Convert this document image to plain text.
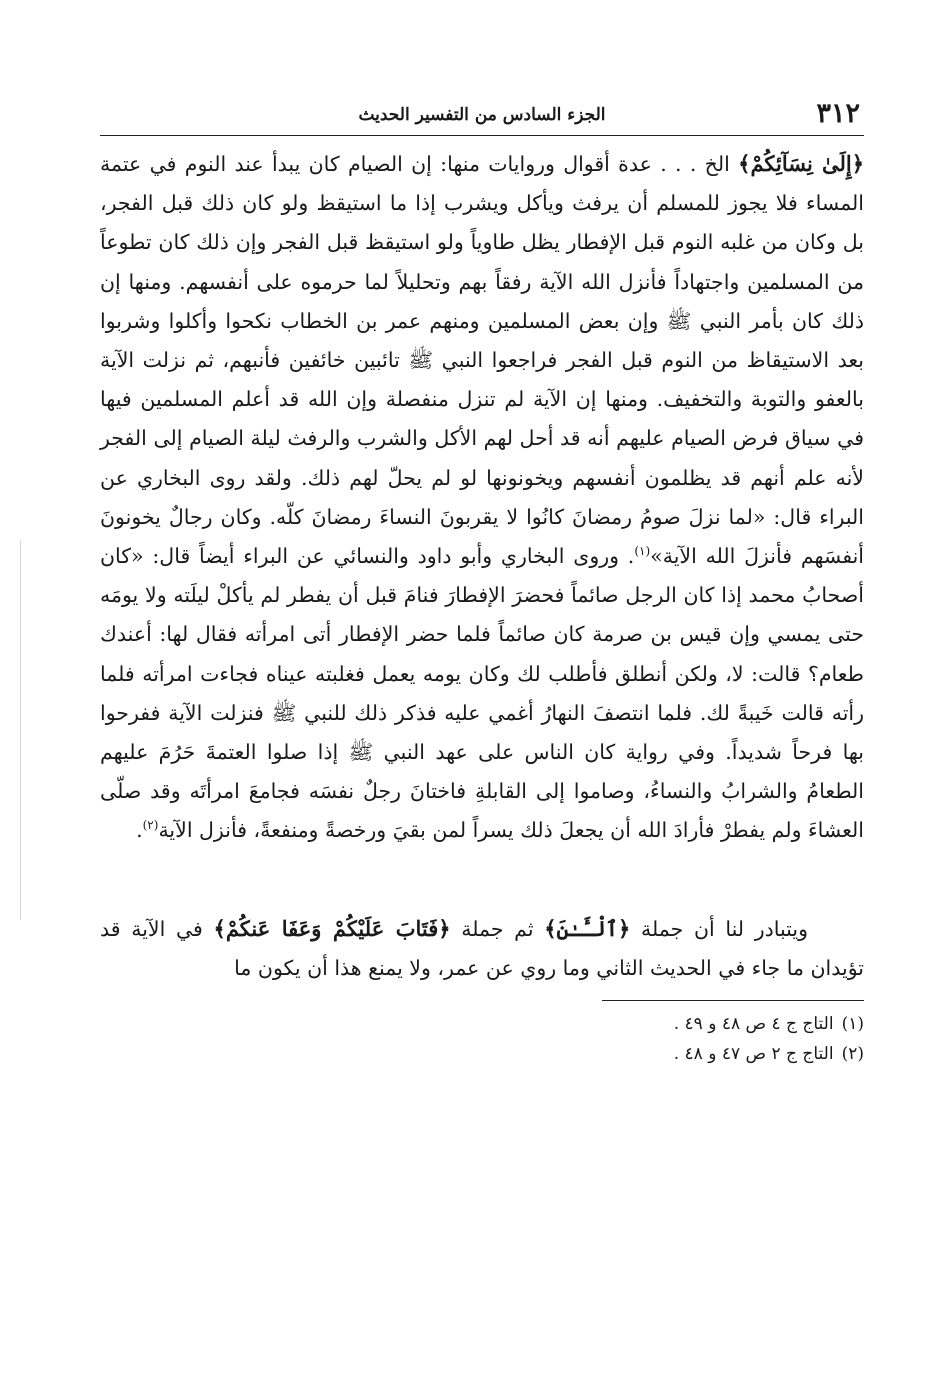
٣١٢
الجزء السادس من التفسير الحديث

﴿إِلَىٰ نِسَآئِكُمْ﴾ الخ . . . عدة أقوال وروايات منها: إن الصيام كان يبدأ عند النوم في عتمة المساء فلا يجوز للمسلم أن يرفث ويأكل ويشرب إذا ما استيقظ ولو كان ذلك قبل الفجر، بل وكان من غلبه النوم قبل الإفطار يظل طاوياً ولو استيقظ قبل الفجر وإن ذلك كان تطوعاً من المسلمين واجتهاداً فأنزل الله الآية رفقاً بهم وتحليلاً لما حرموه على أنفسهم. ومنها إن ذلك كان بأمر النبي ﷺ وإن بعض المسلمين ومنهم عمر بن الخطاب نكحوا وأكلوا وشربوا بعد الاستيقاظ من النوم قبل الفجر فراجعوا النبي ﷺ تائبين خائفين فأنبهم، ثم نزلت الآية بالعفو والتوبة والتخفيف. ومنها إن الآية لم تنزل منفصلة وإن الله قد أعلم المسلمين فيها في سياق فرض الصيام عليهم أنه قد أحل لهم الأكل والشرب والرفث ليلة الصيام إلى الفجر لأنه علم أنهم قد يظلمون أنفسهم ويخونونها لو لم يحلّ لهم ذلك. ولقد روى البخاري عن البراء قال: «لما نزلَ صومُ رمضانَ كانُوا لا يقربونَ النساءَ رمضانَ كلّه. وكان رجالٌ يخونونَ أنفسَهم فأنزلَ الله الآية»$^{(١)}$. وروى البخاري وأبو داود والنسائي عن البراء أيضاً قال: «كان أصحابُ محمد إذا كان الرجل صائماً فحضرَ الإفطارَ فنامَ قبل أن يفطر لم يأكلْ ليلَته ولا يومَه حتى يمسي وإن قيس بن صرمة كان صائماً فلما حضر الإفطار أتى امرأته فقال لها: أعندك طعام؟ قالت: لا، ولكن أنطلق فأطلب لك وكان يومه يعمل فغلبته عيناه فجاءت امرأته فلما رأته قالت خَيبةً لك. فلما انتصفَ النهارُ أغمي عليه فذكر ذلك للنبي ﷺ فنزلت الآية ففرحوا بها فرحاً شديداً. وفي رواية كان الناس على عهد النبي ﷺ إذا صلوا العتمةَ حَرُمَ عليهم الطعامُ والشرابُ والنساءُ، وصاموا إلى القابلةِ فاختانَ رجلٌ نفسَه فجامعَ امرأتَه وقد صلّى العشاءَ ولم يفطرْ فأرادَ الله أن يجعلَ ذلك يسراً لمن بقيَ ورخصةً ومنفعةً، فأنزل الآية$^{(٢)}$.

ويتبادر لنا أن جملة ﴿ٱلْـَٔـٰنَ﴾ ثم جملة ﴿فَتَابَ عَلَيْكُمْ وَعَفَا عَنكُمْ﴾ في الآية قد تؤيدان ما جاء في الحديث الثاني وما روي عن عمر، ولا يمنع هذا أن يكون ما

(١)التاج ج ٤ ص ٤٨ و ٤٩ .
(٢)التاج ج ٢ ص ٤٧ و ٤٨ .
